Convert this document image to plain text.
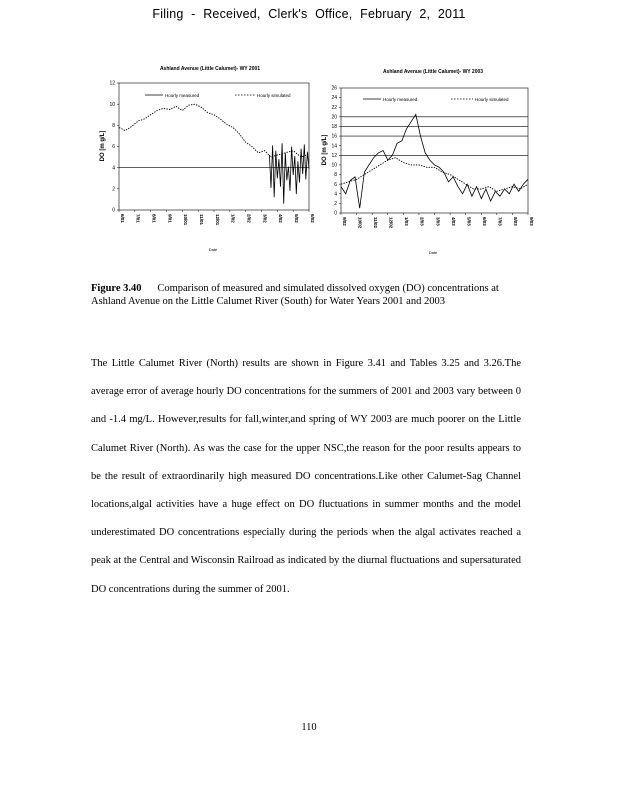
Filing - Received, Clerk's Office, February 2, 2011
Ashland Avenue (Little Calumet)- WY 2001
0
2
4
6
8
10
12
6/01 7/01 8/01 9/01 10/01 11/01 12/01 1/02 2/02 3/02 4/02 5/02 6/02
Hourly measured	Hourly simulated
DO [m g/L]
Date
Ashland Avenue (Little Calumet)- WY 2003
0
2
4
6
8
10
12
14
16
18
20
22
24
26
9/02 10/02 11/02 12/02 1/03 2/03 3/03 4/03 5/03 6/03 7/03 8/03 9/03
Hourly measured	Hourly simulated
DO [m g/L]
Date
Figure 3.40 Comparison of measured and simulated dissolved oxygen (DO) concentrations at Ashland Avenue on the Little Calumet River (South) for Water Years 2001 and 2003
The Little Calumet River (North) results are shown in Figure 3.41 and Tables 3.25 and 3.26.The average error of average hourly DO concentrations for the summers of 2001 and 2003 vary between 0 and -1.4 mg/L. However,results for fall,winter,and spring of WY 2003 are much poorer on the Little Calumet River (North). As was the case for the upper NSC,the reason for the poor results appears to be the result of extraordinarily high measured DO concentrations.Like other Calumet-Sag Channel locations,algal activities have a huge effect on DO fluctuations in summer months and the model underestimated DO concentrations especially during the periods when the algal activates reached a peak at the Central and Wisconsin Railroad as indicated by the diurnal fluctuations and supersaturated DO concentrations during the summer of 2001.
110
